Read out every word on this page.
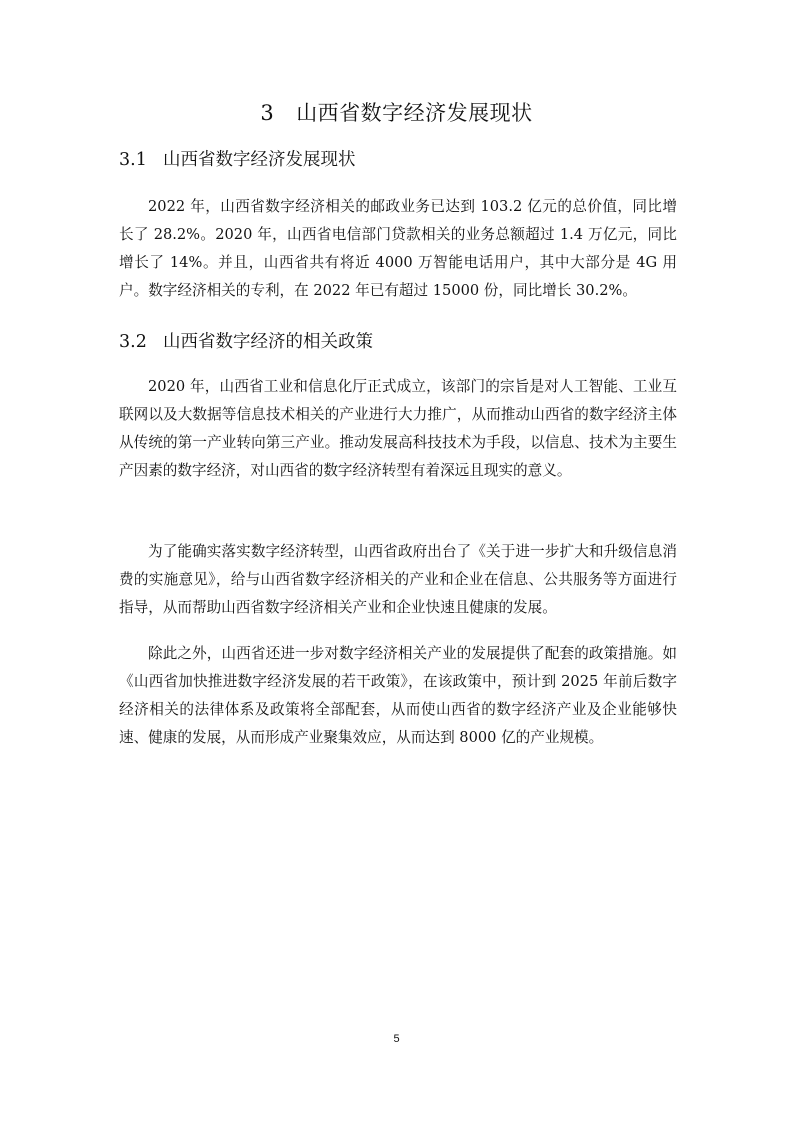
3 山西省数字经济发展现状
3.1 山西省数字经济发展现状

2022 年，山西省数字经济相关的邮政业务已达到 103.2 亿元的总价值，同比增长了 28.2%。2020 年，山西省电信部门贷款相关的业务总额超过 1.4 万亿元，同比增长了 14%。并且，山西省共有将近 4000 万智能电话用户，其中大部分是 4G 用户。数字经济相关的专利，在 2022 年已有超过 15000 份，同比增长 30.2%。

3.2 山西省数字经济的相关政策

2020 年，山西省工业和信息化厅正式成立，该部门的宗旨是对人工智能、工业互联网以及大数据等信息技术相关的产业进行大力推广，从而推动山西省的数字经济主体从传统的第一产业转向第三产业。推动发展高科技技术为手段，以信息、技术为主要生产因素的数字经济，对山西省的数字经济转型有着深远且现实的意义。

为了能确实落实数字经济转型，山西省政府出台了《关于进一步扩大和升级信息消费的实施意见》，给与山西省数字经济相关的产业和企业在信息、公共服务等方面进行指导，从而帮助山西省数字经济相关产业和企业快速且健康的发展。

除此之外，山西省还进一步对数字经济相关产业的发展提供了配套的政策措施。如《山西省加快推进数字经济发展的若干政策》，在该政策中，预计到 2025 年前后数字经济相关的法律体系及政策将全部配套，从而使山西省的数字经济产业及企业能够快速、健康的发展，从而形成产业聚集效应，从而达到 8000 亿的产业规模。

5
